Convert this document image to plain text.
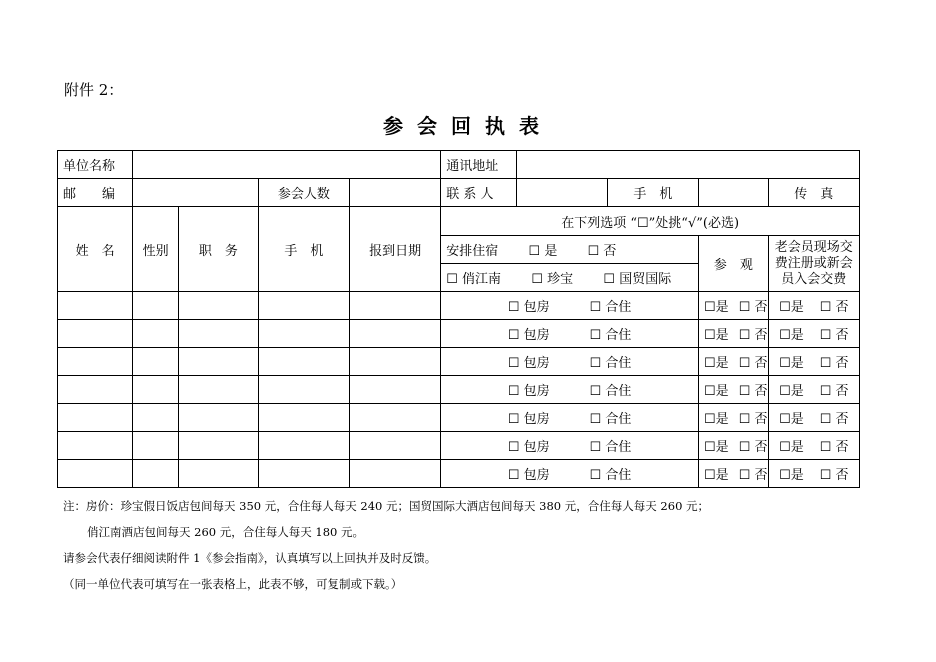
附件 2：
参会回执表
单位名称					通讯地址				
邮　　编			参会人数		联 系 人		手　机		传　真
姓　名	性别	职　务	手　机	报到日期	在下列选项 “☐”处挑“√”(必选)				
					安排住宿 ☐ 是 ☐ 否			参　观	老会员现场交费注册或新会员入会交费
					☐ 俏江南 ☐ 珍宝 ☐ 国贸国际				
					☐ 包房 ☐ 合住			☐是 ☐ 否	☐是 ☐ 否
					☐ 包房 ☐ 合住			☐是 ☐ 否	☐是 ☐ 否
					☐ 包房 ☐ 合住			☐是 ☐ 否	☐是 ☐ 否
					☐ 包房 ☐ 合住			☐是 ☐ 否	☐是 ☐ 否
					☐ 包房 ☐ 合住			☐是 ☐ 否	☐是 ☐ 否
					☐ 包房 ☐ 合住			☐是 ☐ 否	☐是 ☐ 否
					☐ 包房 ☐ 合住			☐是 ☐ 否	☐是 ☐ 否
注：房价：珍宝假日饭店包间每天 350 元，合住每人每天 240 元；国贸国际大酒店包间每天 380 元，合住每人每天 260 元；
俏江南酒店包间每天 260 元，合住每人每天 180 元。
请参会代表仔细阅读附件 1《参会指南》，认真填写以上回执并及时反馈。
（同一单位代表可填写在一张表格上，此表不够，可复制或下载。）
